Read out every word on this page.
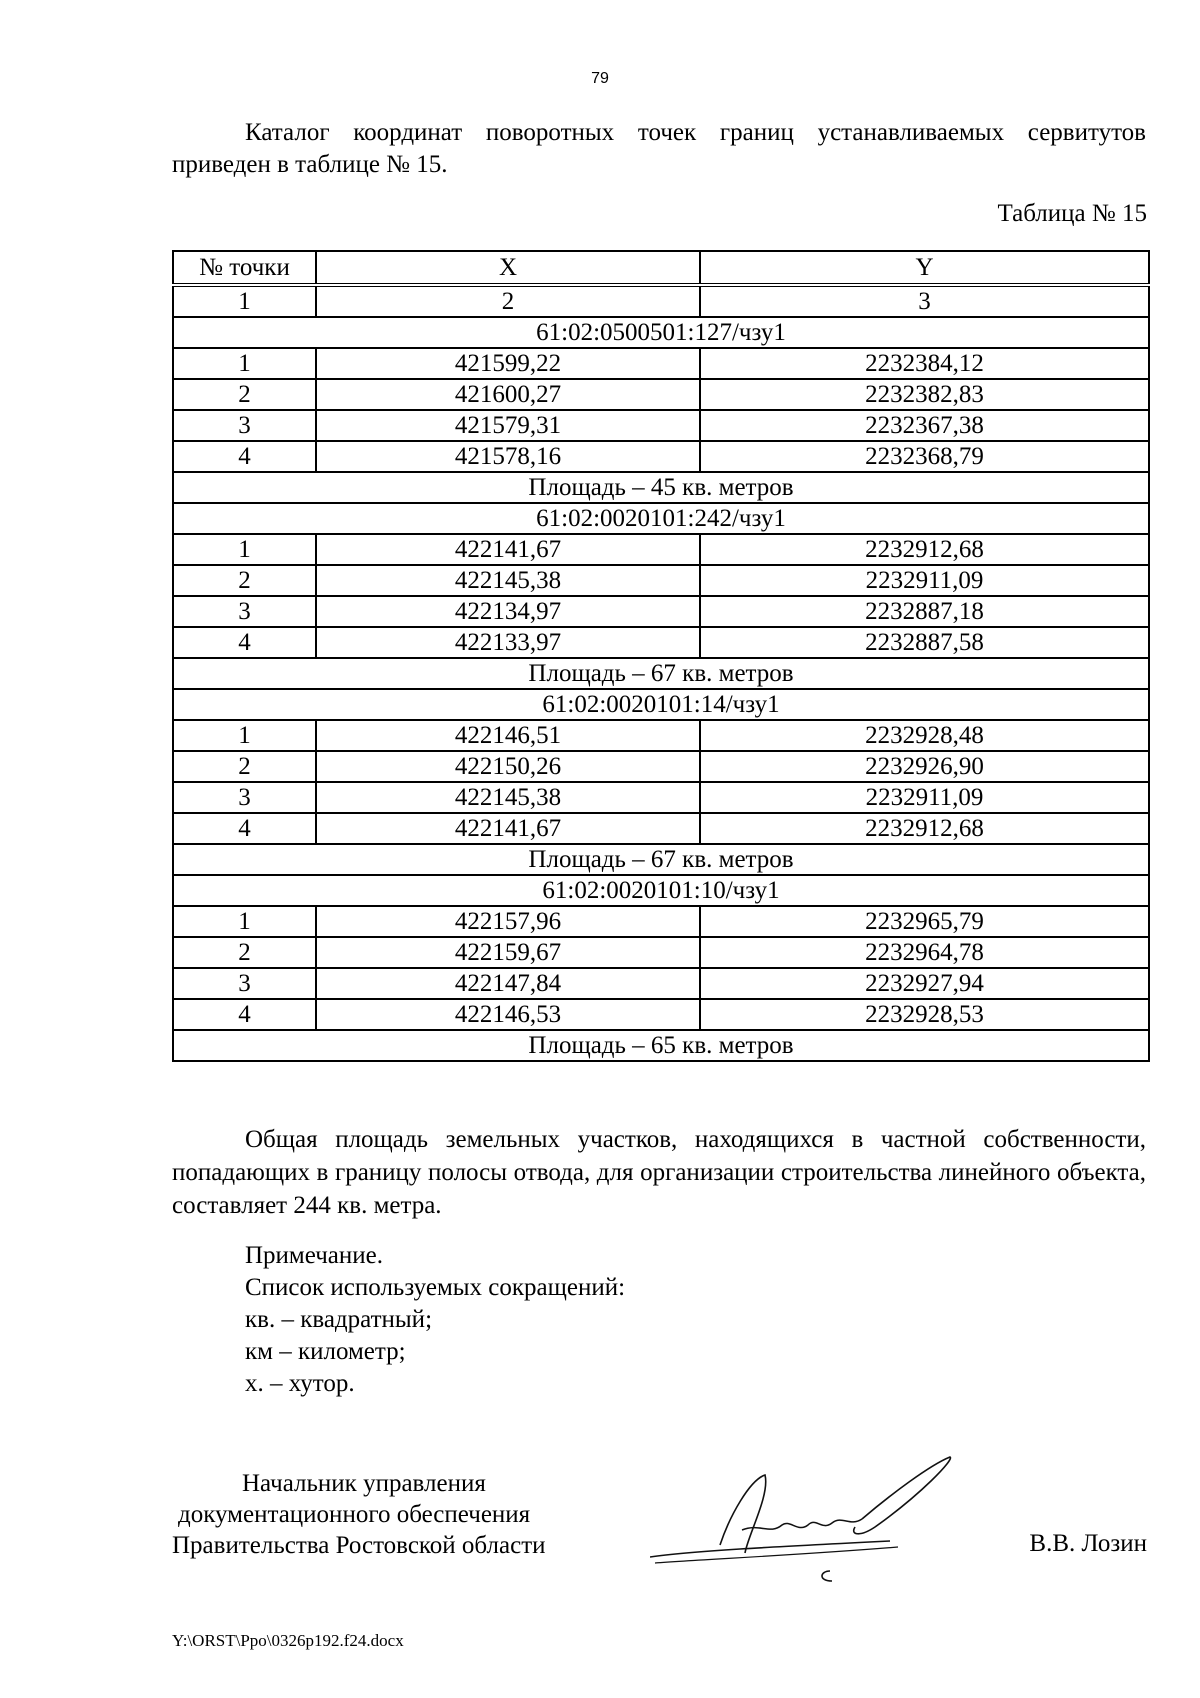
79

Каталог координат поворотных точек границ устанавливаемых сервитутов приведен в таблице № 15.

Таблица № 15
№ точки	X	Y
1	2	3
61:02:0500501:127/чзу1		
1	421599,22	2232384,12
2	421600,27	2232382,83
3	421579,31	2232367,38
4	421578,16	2232368,79
Площадь – 45 кв. метров		
61:02:0020101:242/чзу1		
1	422141,67	2232912,68
2	422145,38	2232911,09
3	422134,97	2232887,18
4	422133,97	2232887,58
Площадь – 67 кв. метров		
61:02:0020101:14/чзу1		
1	422146,51	2232928,48
2	422150,26	2232926,90
3	422145,38	2232911,09
4	422141,67	2232912,68
Площадь – 67 кв. метров		
61:02:0020101:10/чзу1		
1	422157,96	2232965,79
2	422159,67	2232964,78
3	422147,84	2232927,94
4	422146,53	2232928,53
Площадь – 65 кв. метров		

Общая площадь земельных участков, находящихся в частной собственности, попадающих в границу полосы отвода, для организации строительства линейного объекта, составляет 244 кв. метра.

Примечание.
Список используемых сокращений:
кв. – квадратный;
км – километр;
х. – хутор.
Начальник управления
документационного обеспечения
Правительства Ростовской области	В.В. Лозин
Y:\ORST\Ppo\0326p192.f24.docx
